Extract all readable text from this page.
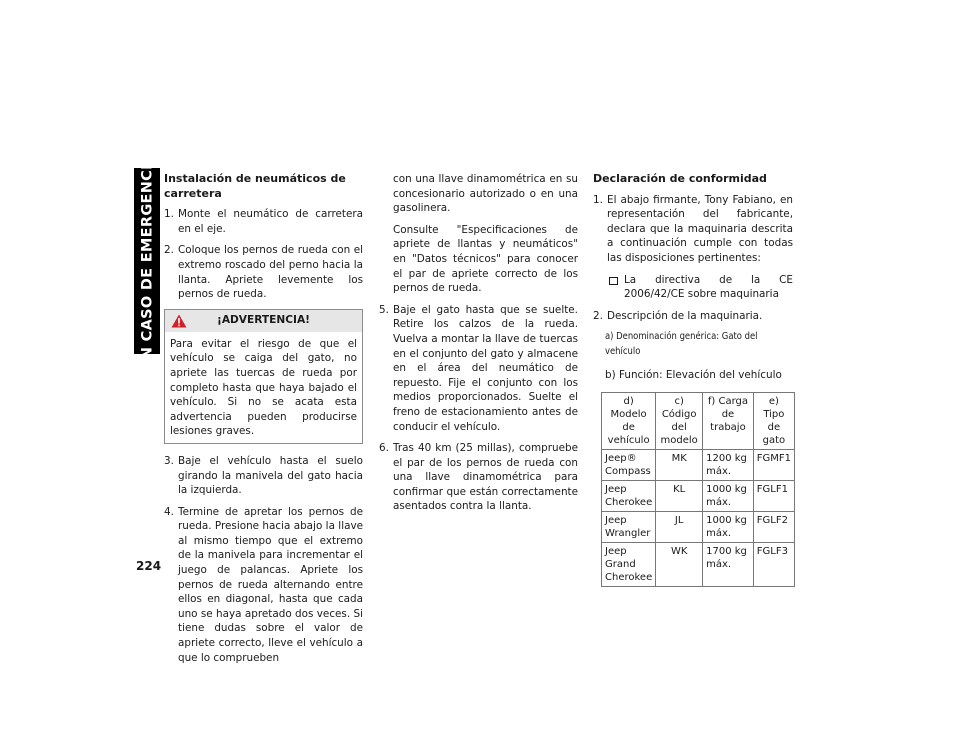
EN CASO DE EMERGENCIA
224
Instalación de neumáticos de carretera
1. Monte el neumático de carretera en el eje.
2. Coloque los pernos de rueda con el extremo roscado del perno hacia la llanta. Apriete levemente los pernos de rueda.
¡ADVERTENCIA!
Para evitar el riesgo de que el vehículo se caiga del gato, no apriete las tuercas de rueda por completo hasta que haya bajado el vehículo. Si no se acata esta advertencia pueden producirse lesiones graves.
3. Baje el vehículo hasta el suelo girando la manivela del gato hacia la izquierda.
4. Termine de apretar los pernos de rueda. Presione hacia abajo la llave al mismo tiempo que el extremo de la manivela para incrementar el juego de palancas. Apriete los pernos de rueda alternando entre ellos en diagonal, hasta que cada uno se haya apretado dos veces. Si tiene dudas sobre el valor de apriete correcto, lleve el vehículo a que lo comprueben
con una llave dinamométrica en su concesionario autorizado o en una gasolinera.
Consulte "Especificaciones de apriete de llantas y neumáticos" en "Datos técnicos" para conocer el par de apriete correcto de los pernos de rueda.
5. Baje el gato hasta que se suelte. Retire los calzos de la rueda. Vuelva a montar la llave de tuercas en el conjunto del gato y almacene en el área del neumático de repuesto. Fije el conjunto con los medios proporcionados. Suelte el freno de estacionamiento antes de conducir el vehículo.
6. Tras 40 km (25 millas), compruebe el par de los pernos de rueda con una llave dinamométrica para confirmar que están correctamente asentados contra la llanta.
Declaración de conformidad
1. El abajo firmante, Tony Fabiano, en representación del fabricante, declara que la maquinaria descrita a continuación cumple con todas las disposiciones pertinentes:
La directiva de la CE 2006/42/CE sobre maquinaria
2. Descripción de la maquinaria.
a) Denominación genérica: Gato del vehículo
b) Función: Elevación del vehículo
d) Modelo de vehículo	c) Código del modelo	f) Carga de trabajo	e) Tipo de gato
Jeep® Compass	MK	1200 kg máx.	FGMF1
Jeep Cherokee	KL	1000 kg máx.	FGLF1
Jeep Wrangler	JL	1000 kg máx.	FGLF2
Jeep Grand Cherokee	WK	1700 kg máx.	FGLF3
